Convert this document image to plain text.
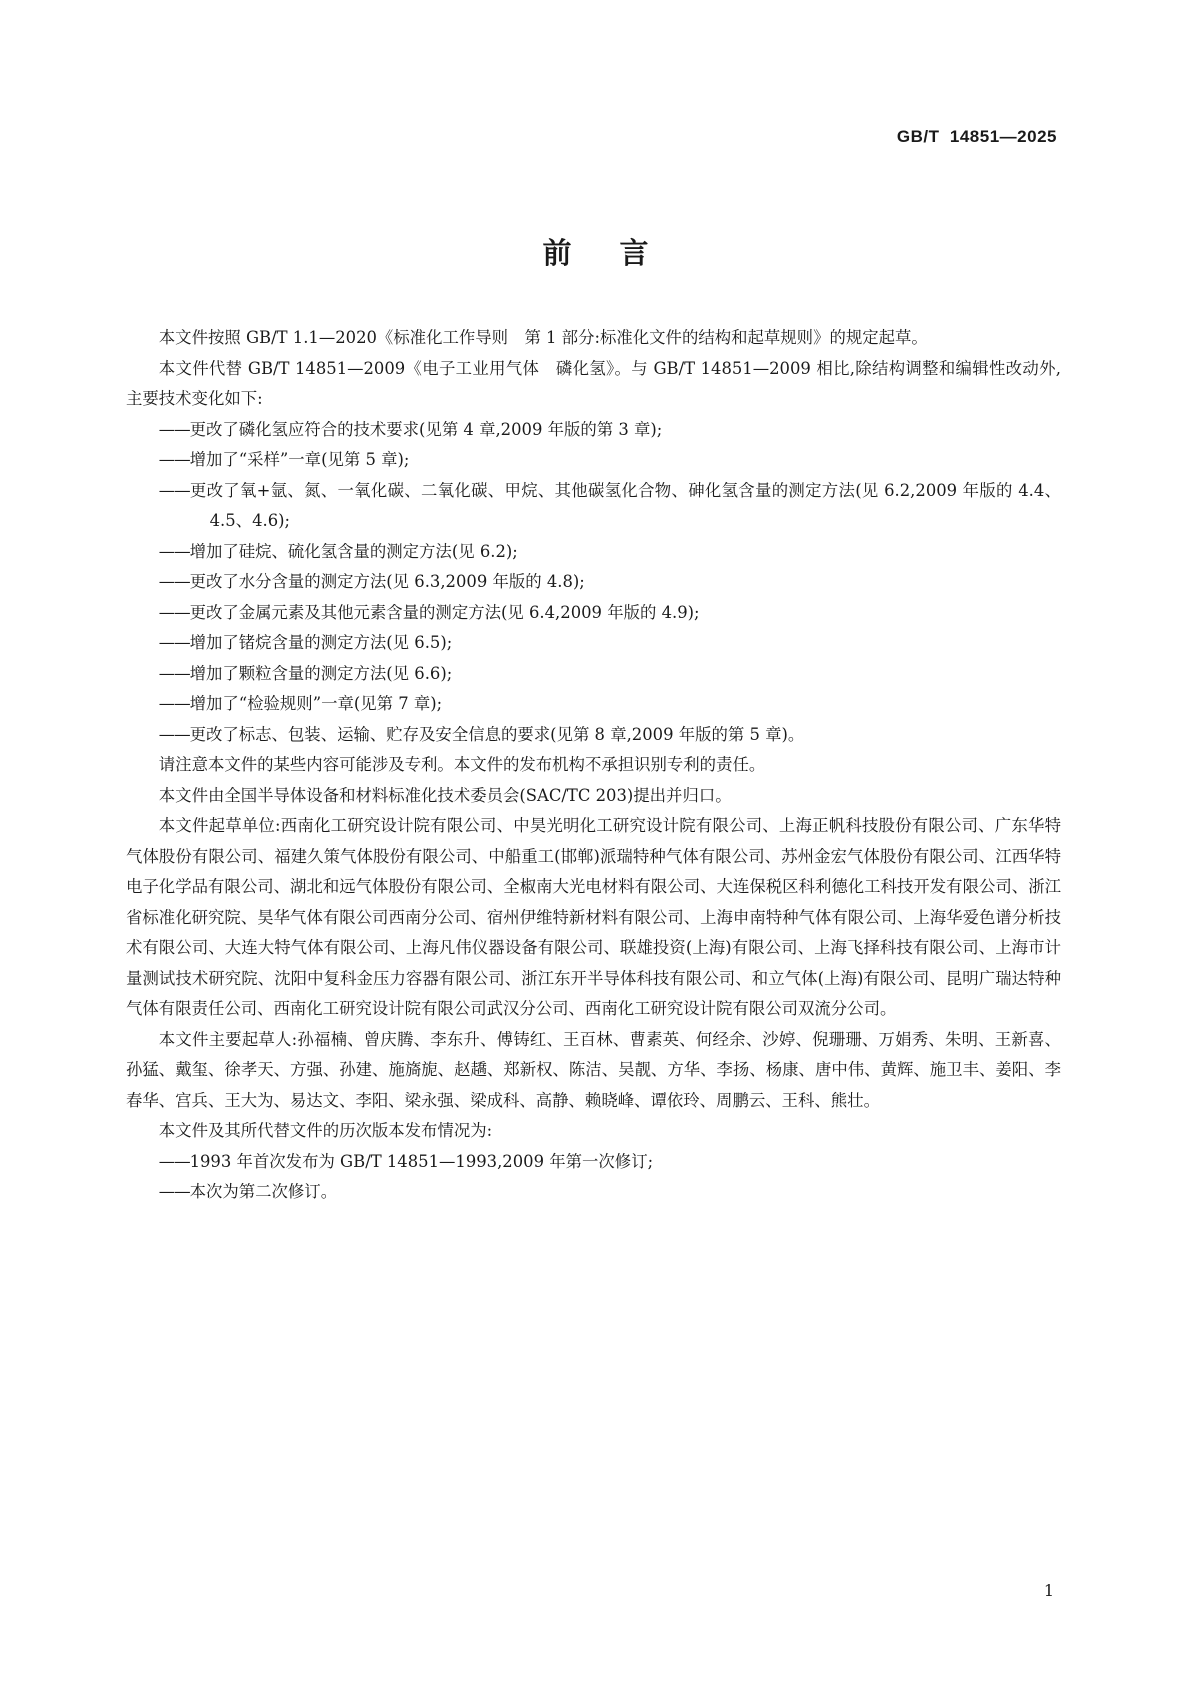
GB/T  14851—2025
前言

本文件按照 GB/T 1.1—2020《标准化工作导则　第 1 部分:标准化文件的结构和起草规则》的规定起草。

本文件代替 GB/T 14851—2009《电子工业用气体　磷化氢》。与 GB/T 14851—2009 相比,除结构调整和编辑性改动外,主要技术变化如下:

——更改了磷化氢应符合的技术要求(见第 4 章,2009 年版的第 3 章);

——增加了“采样”一章(见第 5 章);

——更改了氧+氩、氮、一氧化碳、二氧化碳、甲烷、其他碳氢化合物、砷化氢含量的测定方法(见 6.2,2009 年版的 4.4、4.5、4.6);

——增加了硅烷、硫化氢含量的测定方法(见 6.2);

——更改了水分含量的测定方法(见 6.3,2009 年版的 4.8);

——更改了金属元素及其他元素含量的测定方法(见 6.4,2009 年版的 4.9);

——增加了锗烷含量的测定方法(见 6.5);

——增加了颗粒含量的测定方法(见 6.6);

——增加了“检验规则”一章(见第 7 章);

——更改了标志、包装、运输、贮存及安全信息的要求(见第 8 章,2009 年版的第 5 章)。

请注意本文件的某些内容可能涉及专利。本文件的发布机构不承担识别专利的责任。

本文件由全国半导体设备和材料标准化技术委员会(SAC/TC 203)提出并归口。

本文件起草单位:西南化工研究设计院有限公司、中昊光明化工研究设计院有限公司、上海正帆科技股份有限公司、广东华特气体股份有限公司、福建久策气体股份有限公司、中船重工(邯郸)派瑞特种气体有限公司、苏州金宏气体股份有限公司、江西华特电子化学品有限公司、湖北和远气体股份有限公司、全椒南大光电材料有限公司、大连保税区科利德化工科技开发有限公司、浙江省标准化研究院、昊华气体有限公司西南分公司、宿州伊维特新材料有限公司、上海申南特种气体有限公司、上海华爱色谱分析技术有限公司、大连大特气体有限公司、上海凡伟仪器设备有限公司、联雄投资(上海)有限公司、上海飞择科技有限公司、上海市计量测试技术研究院、沈阳中复科金压力容器有限公司、浙江东开半导体科技有限公司、和立气体(上海)有限公司、昆明广瑞达特种气体有限责任公司、西南化工研究设计院有限公司武汉分公司、西南化工研究设计院有限公司双流分公司。

本文件主要起草人:孙福楠、曾庆腾、李东升、傅铸红、王百林、曹素英、何经余、沙婷、倪珊珊、万娟秀、朱明、王新喜、孙猛、戴玺、徐孝天、方强、孙建、施旖旎、赵趫、郑新权、陈洁、吴靓、方华、李扬、杨康、唐中伟、黄辉、施卫丰、姜阳、李春华、宫兵、王大为、易达文、李阳、梁永强、梁成科、高静、赖晓峰、谭依玲、周鹏云、王科、熊壮。

本文件及其所代替文件的历次版本发布情况为:

——1993 年首次发布为 GB/T 14851—1993,2009 年第一次修订;

——本次为第二次修订。

1
